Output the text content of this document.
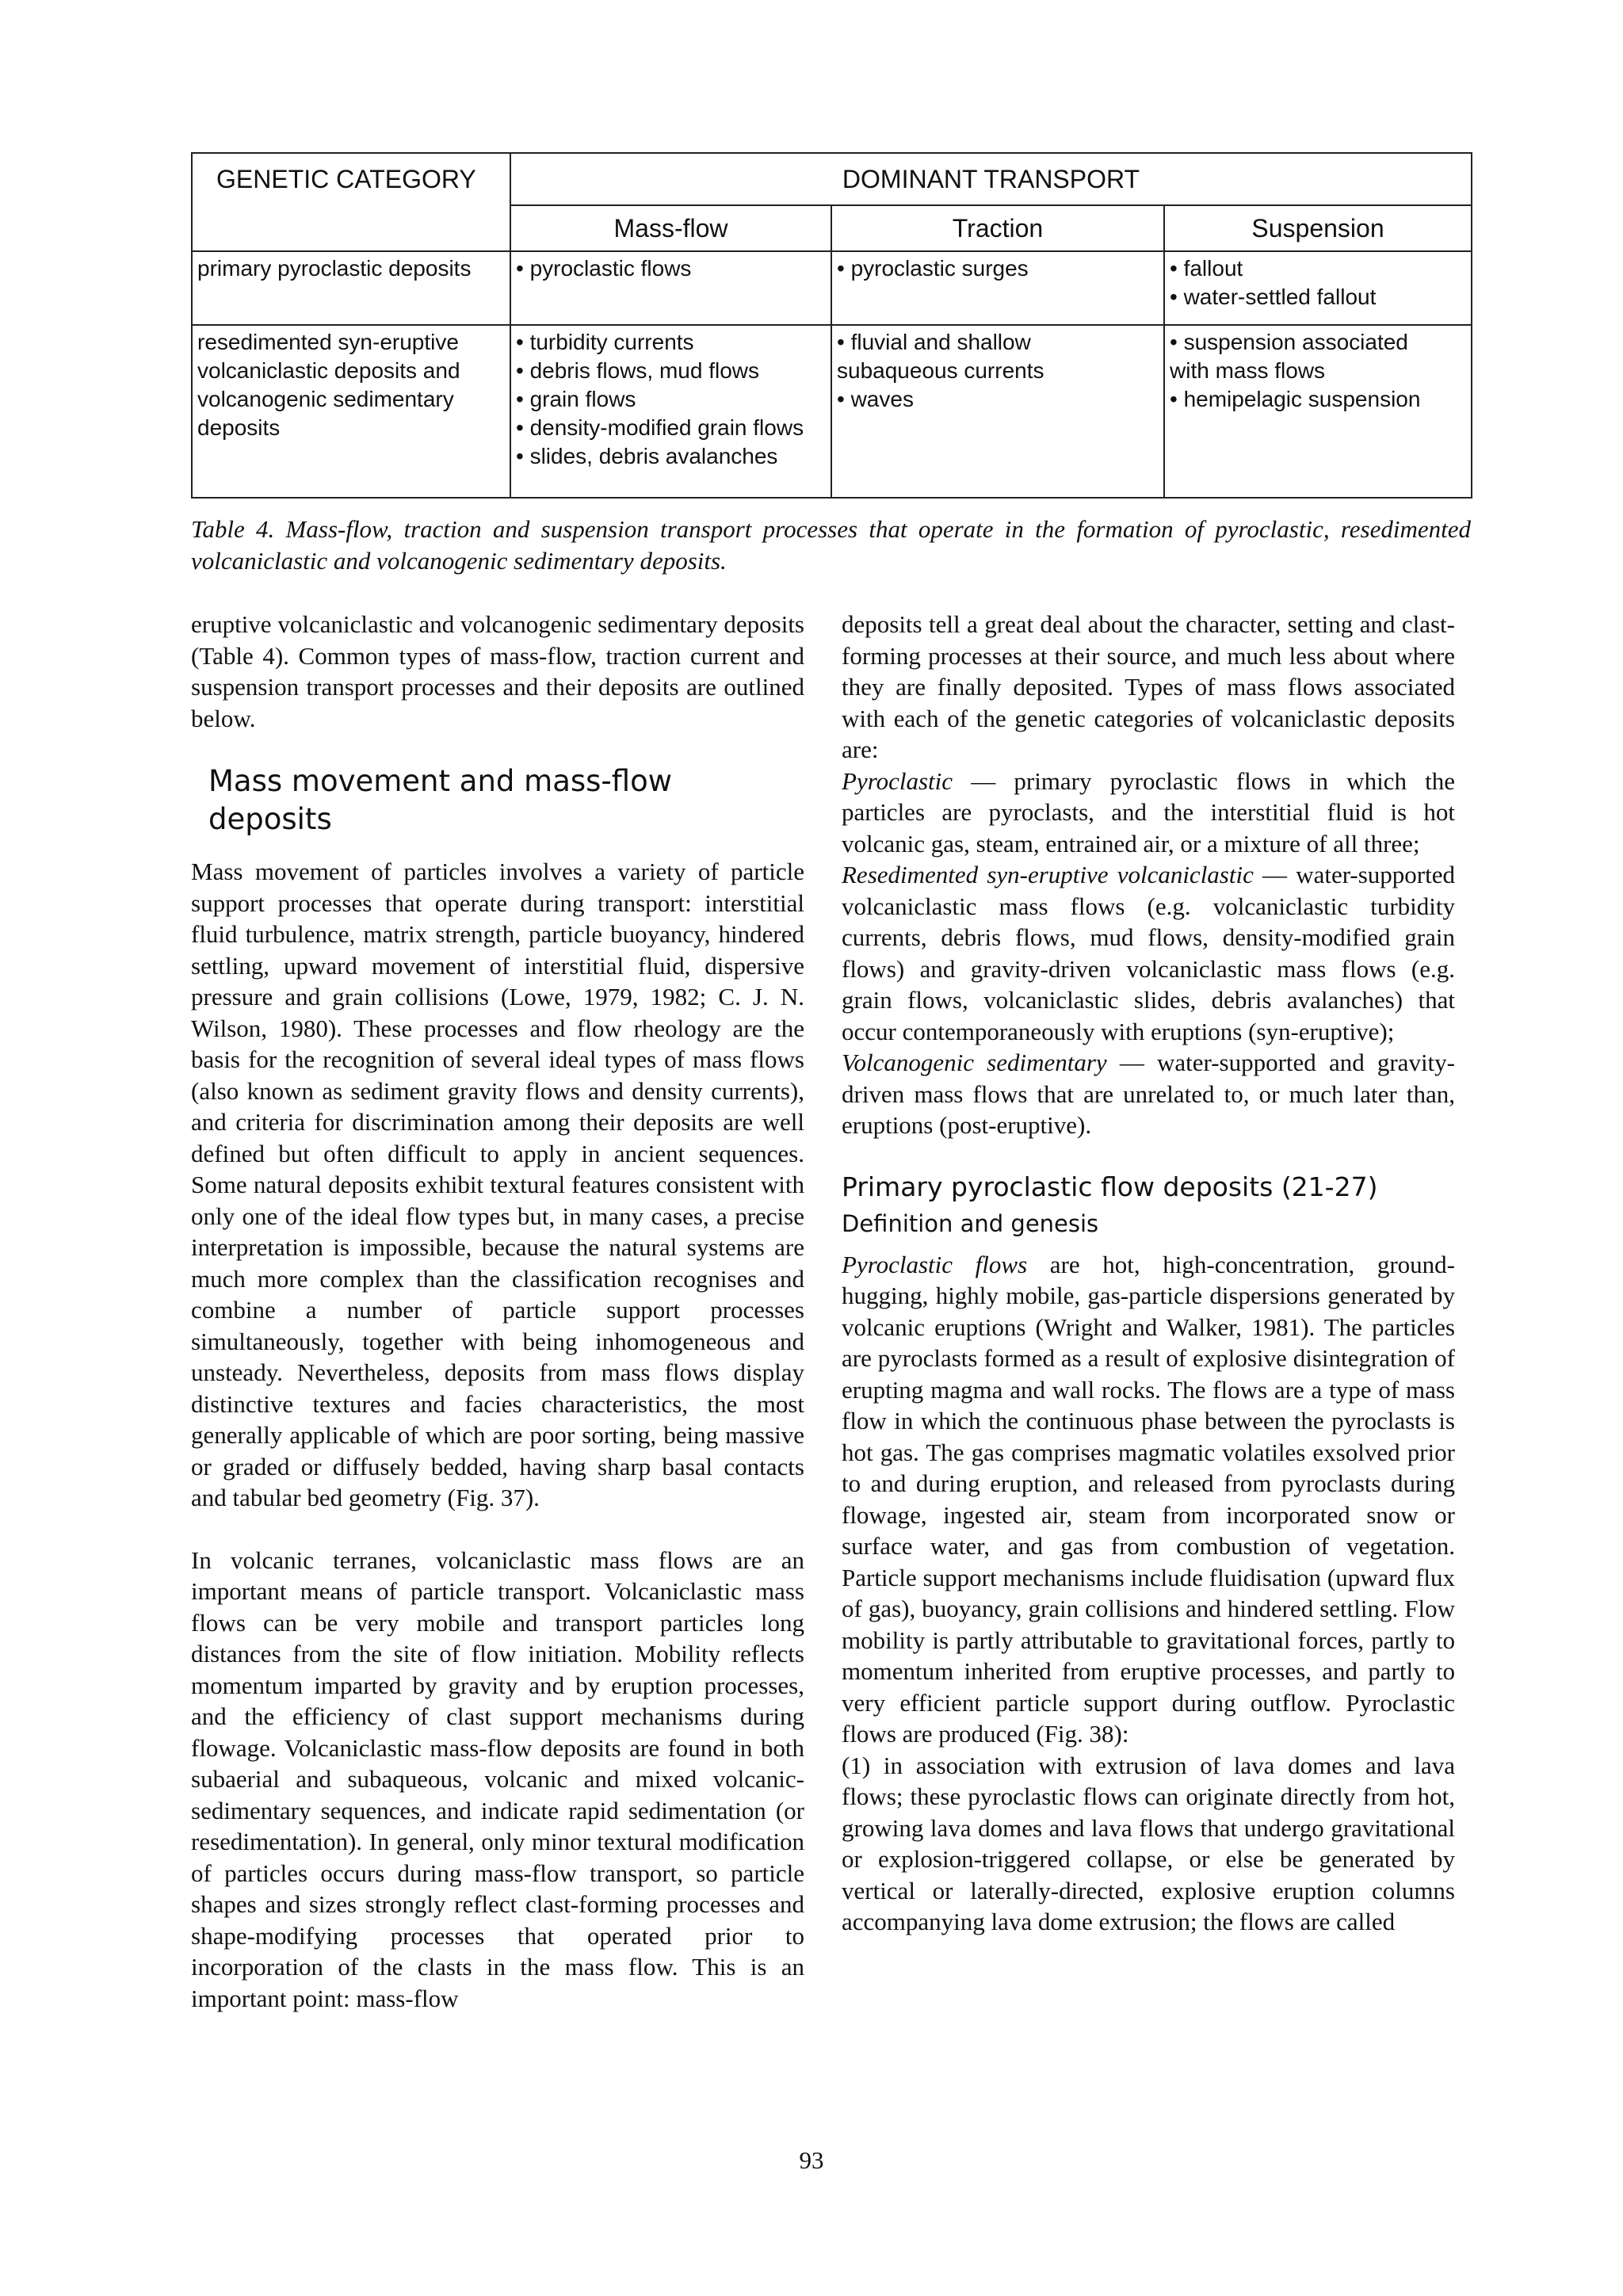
GENETIC CATEGORY	DOMINANT TRANSPORT		
	Mass-flow	Traction	Suspension

primary pyroclastic deposits	• pyroclastic flows	• pyroclastic surges	• fallout
• water-settled fallout

resedimented syn-eruptive
volcaniclastic deposits and
volcanogenic sedimentary
deposits	• turbidity currents
• debris flows, mud flows
• grain flows
• density-modified grain flows
• slides, debris avalanches	• fluvial and shallow
subaqueous currents
• waves	• suspension associated
with mass flows
• hemipelagic suspension
Table 4. Mass-flow, traction and suspension transport processes that operate in the formation of pyroclastic, resedimented volcaniclastic and volcanogenic sedimentary deposits.

eruptive volcaniclastic and volcanogenic sedimentary deposits (Table 4). Common types of mass-flow, traction current and suspension transport processes and their deposits are outlined below.

Mass movement and mass-flow deposits

Mass movement of particles involves a variety of particle support processes that operate during transport: interstitial fluid turbulence, matrix strength, particle buoyancy, hindered settling, upward movement of interstitial fluid, dispersive pressure and grain collisions (Lowe, 1979, 1982; C. J. N. Wilson, 1980). These processes and flow rheology are the basis for the recognition of several ideal types of mass flows (also known as sediment gravity flows and density currents), and criteria for discrimination among their deposits are well defined but often difficult to apply in ancient sequences. Some natural deposits exhibit textural features consistent with only one of the ideal flow types but, in many cases, a precise interpretation is impossible, because the natural systems are much more complex than the classification recognises and combine a number of particle support processes simultaneously, together with being inhomogeneous and unsteady. Nevertheless, deposits from mass flows display distinctive textures and facies characteristics, the most generally applicable of which are poor sorting, being massive or graded or diffusely bedded, having sharp basal contacts and tabular bed geometry (Fig. 37).

In volcanic terranes, volcaniclastic mass flows are an important means of particle transport. Volcaniclastic mass flows can be very mobile and transport particles long distances from the site of flow initiation. Mobility reflects momentum imparted by gravity and by eruption processes, and the efficiency of clast support mechanisms during flowage. Volcaniclastic mass-flow deposits are found in both subaerial and subaqueous, volcanic and mixed volcanic-sedimentary sequences, and indicate rapid sedimentation (or resedimentation). In general, only minor textural modification of particles occurs during mass-flow transport, so particle shapes and sizes strongly reflect clast-forming processes and shape-modifying processes that operated prior to incorporation of the clasts in the mass flow. This is an important point: mass-flow

deposits tell a great deal about the character, setting and clast-forming processes at their source, and much less about where they are finally deposited. Types of mass flows associated with each of the genetic categories of volcaniclastic deposits are:

Pyroclastic — primary pyroclastic flows in which the particles are pyroclasts, and the interstitial fluid is hot volcanic gas, steam, entrained air, or a mixture of all three;

Resedimented syn-eruptive volcaniclastic — water-supported volcaniclastic mass flows (e.g. volcaniclastic turbidity currents, debris flows, mud flows, density-modified grain flows) and gravity-driven volcaniclastic mass flows (e.g. grain flows, volcaniclastic slides, debris avalanches) that occur contemporaneously with eruptions (syn-eruptive);

Volcanogenic sedimentary — water-supported and gravity-driven mass flows that are unrelated to, or much later than, eruptions (post-eruptive).

Primary pyroclastic flow deposits (21-27)
Definition and genesis

Pyroclastic flows are hot, high-concentration, ground-hugging, highly mobile, gas-particle dispersions generated by volcanic eruptions (Wright and Walker, 1981). The particles are pyroclasts formed as a result of explosive disintegration of erupting magma and wall rocks. The flows are a type of mass flow in which the continuous phase between the pyroclasts is hot gas. The gas comprises magmatic volatiles exsolved prior to and during eruption, and released from pyroclasts during flowage, ingested air, steam from incorporated snow or surface water, and gas from combustion of vegetation. Particle support mechanisms include fluidisation (upward flux of gas), buoyancy, grain collisions and hindered settling. Flow mobility is partly attributable to gravitational forces, partly to momentum inherited from eruptive processes, and partly to very efficient particle support during outflow. Pyroclastic flows are produced (Fig. 38):

(1) in association with extrusion of lava domes and lava flows; these pyroclastic flows can originate directly from hot, growing lava domes and lava flows that undergo gravitational or explosion-triggered collapse, or else be generated by vertical or laterally-directed, explosive eruption columns accompanying lava dome extrusion; the flows are called

93
